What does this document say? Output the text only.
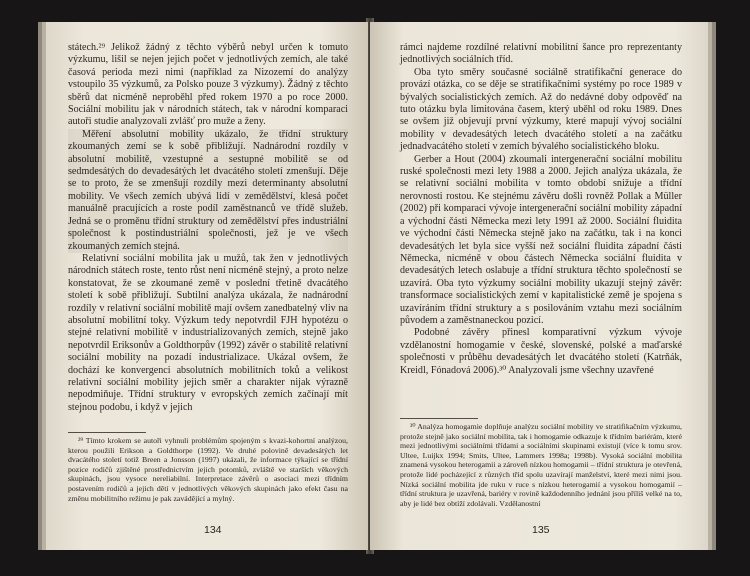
státech.²⁹ Jelikož žádný z těchto výběrů nebyl určen k tomuto výzkumu, lišil se nejen jejich počet v jednotlivých zemích, ale také časová perioda mezi nimi (například za Nizozemí do analýzy vstoupilo 35 výzkumů, za Polsko pouze 3 výzkumy). Žádný z těchto sběrů dat nicméně neproběhl před rokem 1970 a po roce 2000. Sociální mobilitu jak v národních státech, tak v národní komparaci autoři studie analyzovali zvlášť pro muže a ženy.

Měření absolutní mobility ukázalo, že třídní struktury zkoumaných zemí se k sobě přibližují. Nadnárodní rozdíly v absolutní mobilitě, vzestupné a sestupné mobilitě se od sedmdesátých do devadesátých let dvacátého století zmenšují. Děje se to proto, že se zmenšují rozdíly mezi determinanty absolutní mobility. Ve všech zemích ubývá lidí v zemědělství, klesá počet manuálně pracujících a roste podíl zaměstnanců ve třídě služeb. Jedná se o proměnu třídní struktury od zemědělství přes industriální společnost k postindustriální společnosti, jež je ve všech zkoumaných zemích stejná.

Relativní sociální mobilita jak u mužů, tak žen v jednotlivých národních státech roste, tento růst není nicméně stejný, a proto nelze konstatovat, že se zkoumané země v poslední třetině dvacátého století k sobě přibližují. Subtilní analýza ukázala, že nadnárodní rozdíly v relativní sociální mobilitě mají ovšem zanedbatelný vliv na absolutní mobilitní toky. Výzkum tedy nepotvrdil FJH hypotézu o stejné relativní mobilitě v industrializovaných zemích, stejně jako nepotvrdil Eriksonův a Goldthorpův (1992) závěr o stabilitě relativní sociální mobility na pozadí industrializace. Ukázal ovšem, že dochází ke konvergenci absolutních mobilitních toků a velikost relativní sociální mobility jejich směr a charakter nijak výrazně nepodmiňuje. Třídní struktury v evropských zemích začínají mít stejnou podobu, i když v jejich

²⁹ Tímto krokem se autoři vyhnuli problémům spojeným s kvazi-kohortní analýzou, kterou použili Erikson a Goldthorpe (1992). Ve druhé polovině devadesátých let dvacátého století totiž Breen a Jonsson (1997) ukázali, že informace týkající se třídní pozice rodičů zjištěné prostřednictvím jejich potomků, zvláště ve starších věkových skupinách, jsou vysoce nereliabilní. Interpretace závěrů o asociaci mezi třídním postavením rodičů a jejich dětí v jednotlivých věkových skupinách jako efekt času na změnu mobilitního režimu je pak zavádějící a mylný.

134

rámci najdeme rozdílné relativní mobilitní šance pro reprezentanty jednotlivých sociálních tříd.

Oba tyto směry současné sociálně stratifikační generace do provází otázka, co se děje se stratifikačními systémy po roce 1989 v bývalých socialistických zemích. Až do nedávné doby odpověď na tuto otázku byla limitována časem, který uběhl od roku 1989. Dnes se ovšem již objevují první výzkumy, které mapují vývoj sociální mobility v devadesátých letech dvacátého století a na začátku jednadvacátého století v zemích bývalého socialistického bloku.

Gerber a Hout (2004) zkoumali intergenerační sociální mobilitu ruské společnosti mezi lety 1988 a 2000. Jejich analýza ukázala, že se relativní sociální mobilita v tomto období snižuje a třídní nerovnosti rostou. Ke stejnému závěru došli rovněž Pollak a Müller (2002) při komparaci vývoje intergenerační sociální mobility západní a východní části Německa mezi lety 1991 až 2000. Sociální fluidita ve východní části Německa stejně jako na začátku, tak i na konci devadesátých let byla sice vyšší než sociální fluidita západní části Německa, nicméně v obou částech Německa sociální fluidita v devadesátých letech oslabuje a třídní struktura těchto společností se uzavírá. Oba tyto výzkumy sociální mobility ukazují stejný závěr: transformace socialistických zemí v kapitalistické země je spojena s uzavíráním třídní struktury a s posilováním vztahu mezi sociálním původem a zaměstnaneckou pozicí.

Podobné závěry přinesl komparativní výzkum vývoje vzdělanostní homogamie v české, slovenské, polské a maďarské společnosti v průběhu devadesátých let dvacátého století (Katrňák, Kreidl, Fónadová 2006).³⁰ Analyzovali jsme všechny uzavřené

³⁰ Analýza homogamie doplňuje analýzu sociální mobility ve stratifikačním výzkumu, protože stejně jako sociální mobilita, tak i homogamie odkazuje k třídním bariérám, které mezi jednotlivými sociálními třídami a sociálními skupinami existují (více k tomu srov. Ultee, Luijkx 1994; Smits, Ultee, Lammers 1998a; 1998b). Vysoká sociální mobilita znamená vysokou heterogamii a zároveň nízkou homogamii – třídní struktura je otevřená, protože lidé pocházející z různých tříd spolu uzavírají manželství, které mezi nimi jsou. Nízká sociální mobilita jde ruku v ruce s nízkou heterogamií a vysokou homogamií – třídní struktura je uzavřená, bariéry v rovině každodenního jednání jsou příliš velké na to, aby je lidé bez obtíží zdolávali. Vzdělanostní

135
